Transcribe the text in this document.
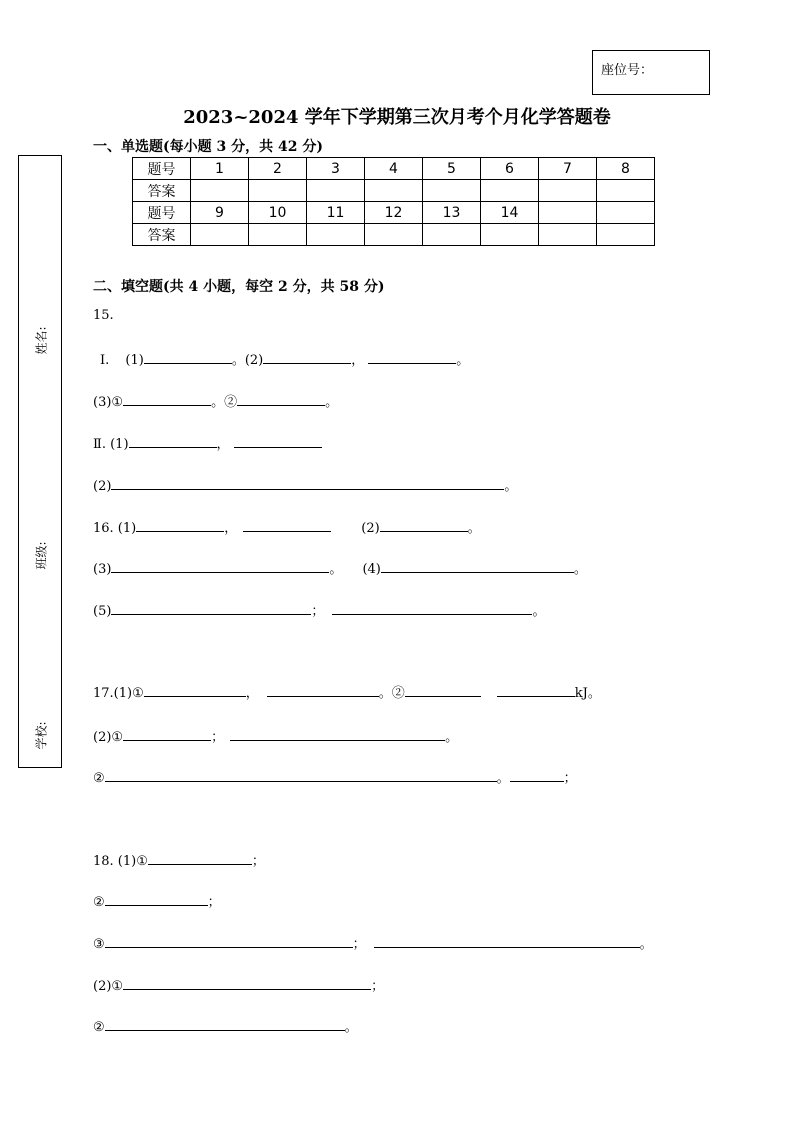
座位号：
2023~2024 学年下学期第三次月考个月化学答题卷
一、单选题(每小题 3 分，共 42 分)
姓名:
班级:
学校:
题号	1	2	3	4	5	6	7	8
答案								
题号	9	10	11	12	13	14		
答案								
二、填空题(共 4 小题，每空 2 分，共 58 分)
15.
Ⅰ. (1)	。(2)	，	。
(3)①	。②	。
Ⅱ. (1)	，
(2)	。
16. (1)	，	(2)	。
(3)	。 (4)	。
(5)	；	。
17.(1)①	，	。②	kJ。
(2)①	；	。
②	。	；
18. (1)①	；
②	；
③	；	。
(2)①	；
②	。
